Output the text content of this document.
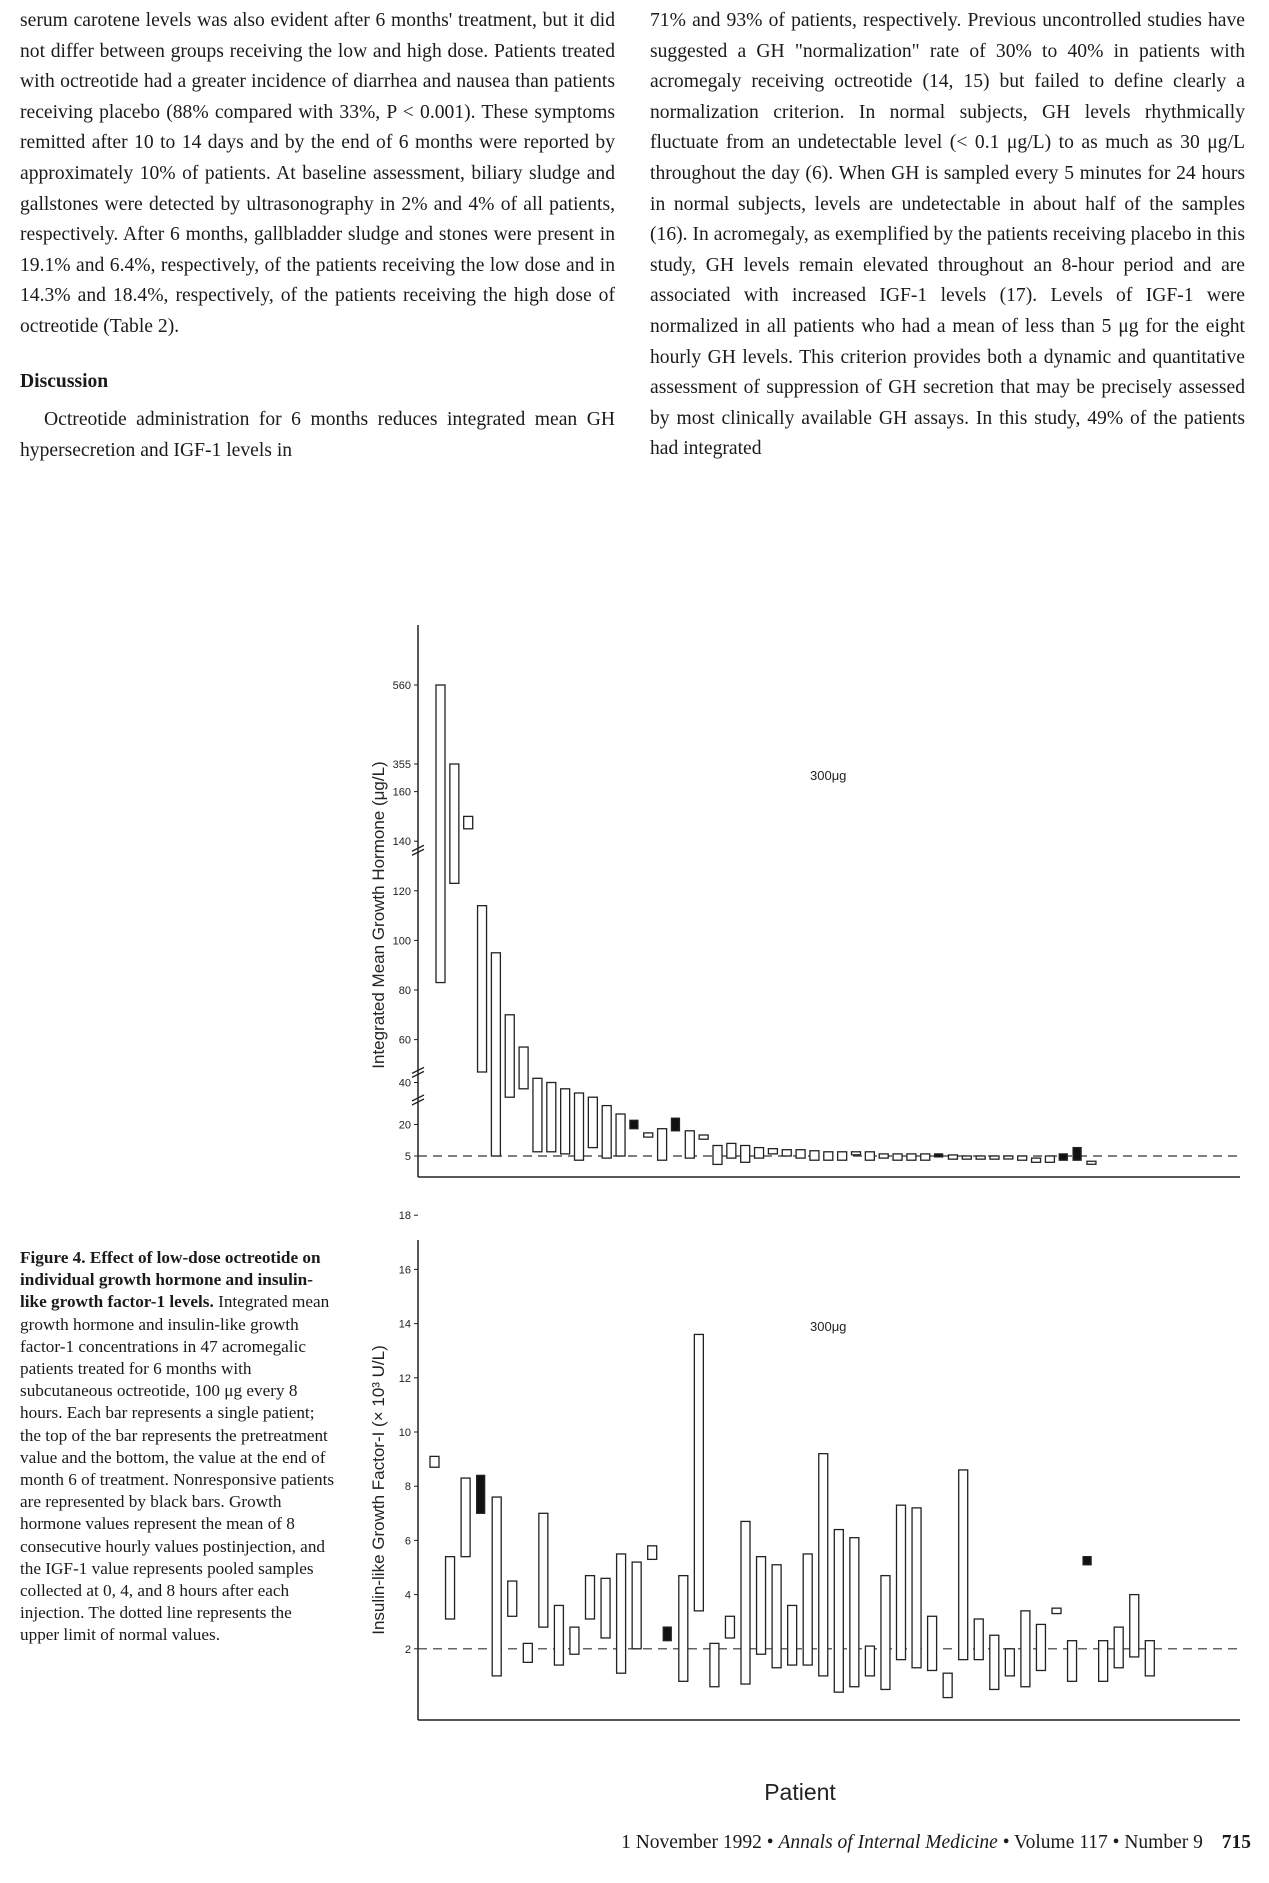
serum carotene levels was also evident after 6 months' treatment, but it did not differ between groups receiving the low and high dose. Patients treated with octreotide had a greater incidence of diarrhea and nausea than patients receiving placebo (88% compared with 33%, P < 0.001). These symptoms remitted after 10 to 14 days and by the end of 6 months were reported by approximately 10% of patients. At baseline assessment, biliary sludge and gallstones were detected by ultrasonography in 2% and 4% of all patients, respectively. After 6 months, gallbladder sludge and stones were present in 19.1% and 6.4%, respectively, of the patients receiving the low dose and in 14.3% and 18.4%, respectively, of the patients receiving the high dose of octreotide (Table 2).

Discussion

Octreotide administration for 6 months reduces integrated mean GH hypersecretion and IGF-1 levels in

71% and 93% of patients, respectively. Previous uncontrolled studies have suggested a GH "normalization" rate of 30% to 40% in patients with acromegaly receiving octreotide (14, 15) but failed to define clearly a normalization criterion. In normal subjects, GH levels rhythmically fluctuate from an undetectable level (< 0.1 μg/L) to as much as 30 μg/L throughout the day (6). When GH is sampled every 5 minutes for 24 hours in normal subjects, levels are undetectable in about half of the samples (16). In acromegaly, as exemplified by the patients receiving placebo in this study, GH levels remain elevated throughout an 8-hour period and are associated with increased IGF-1 levels (17). Levels of IGF-1 were normalized in all patients who had a mean of less than 5 μg for the eight hourly GH levels. This criterion provides both a dynamic and quantitative assessment of suppression of GH secretion that may be precisely assessed by most clinically available GH assays. In this study, 49% of the patients had integrated

5
20
40
60
80
100
120
140
160
355
560
300μg
Integrated Mean Growth Hormone (μg/L)
2
4
6
8
10
12
14
16
18
300μg
Insulin-like Growth Factor-I (× 10³ U/L)
Patient
Figure 4. Effect of low-dose octreotide on individual growth hormone and insulin-like growth factor-1 levels. Integrated mean growth hormone and insulin-like growth factor-1 concentrations in 47 acromegalic patients treated for 6 months with subcutaneous octreotide, 100 μg every 8 hours. Each bar represents a single patient; the top of the bar represents the pretreatment value and the bottom, the value at the end of month 6 of treatment. Nonresponsive patients are represented by black bars. Growth hormone values represent the mean of 8 consecutive hourly values postinjection, and the IGF-1 value represents pooled samples collected at 0, 4, and 8 hours after each injection. The dotted line represents the upper limit of normal values.
1 November 1992 • Annals of Internal Medicine • Volume 117 • Number 9 715
